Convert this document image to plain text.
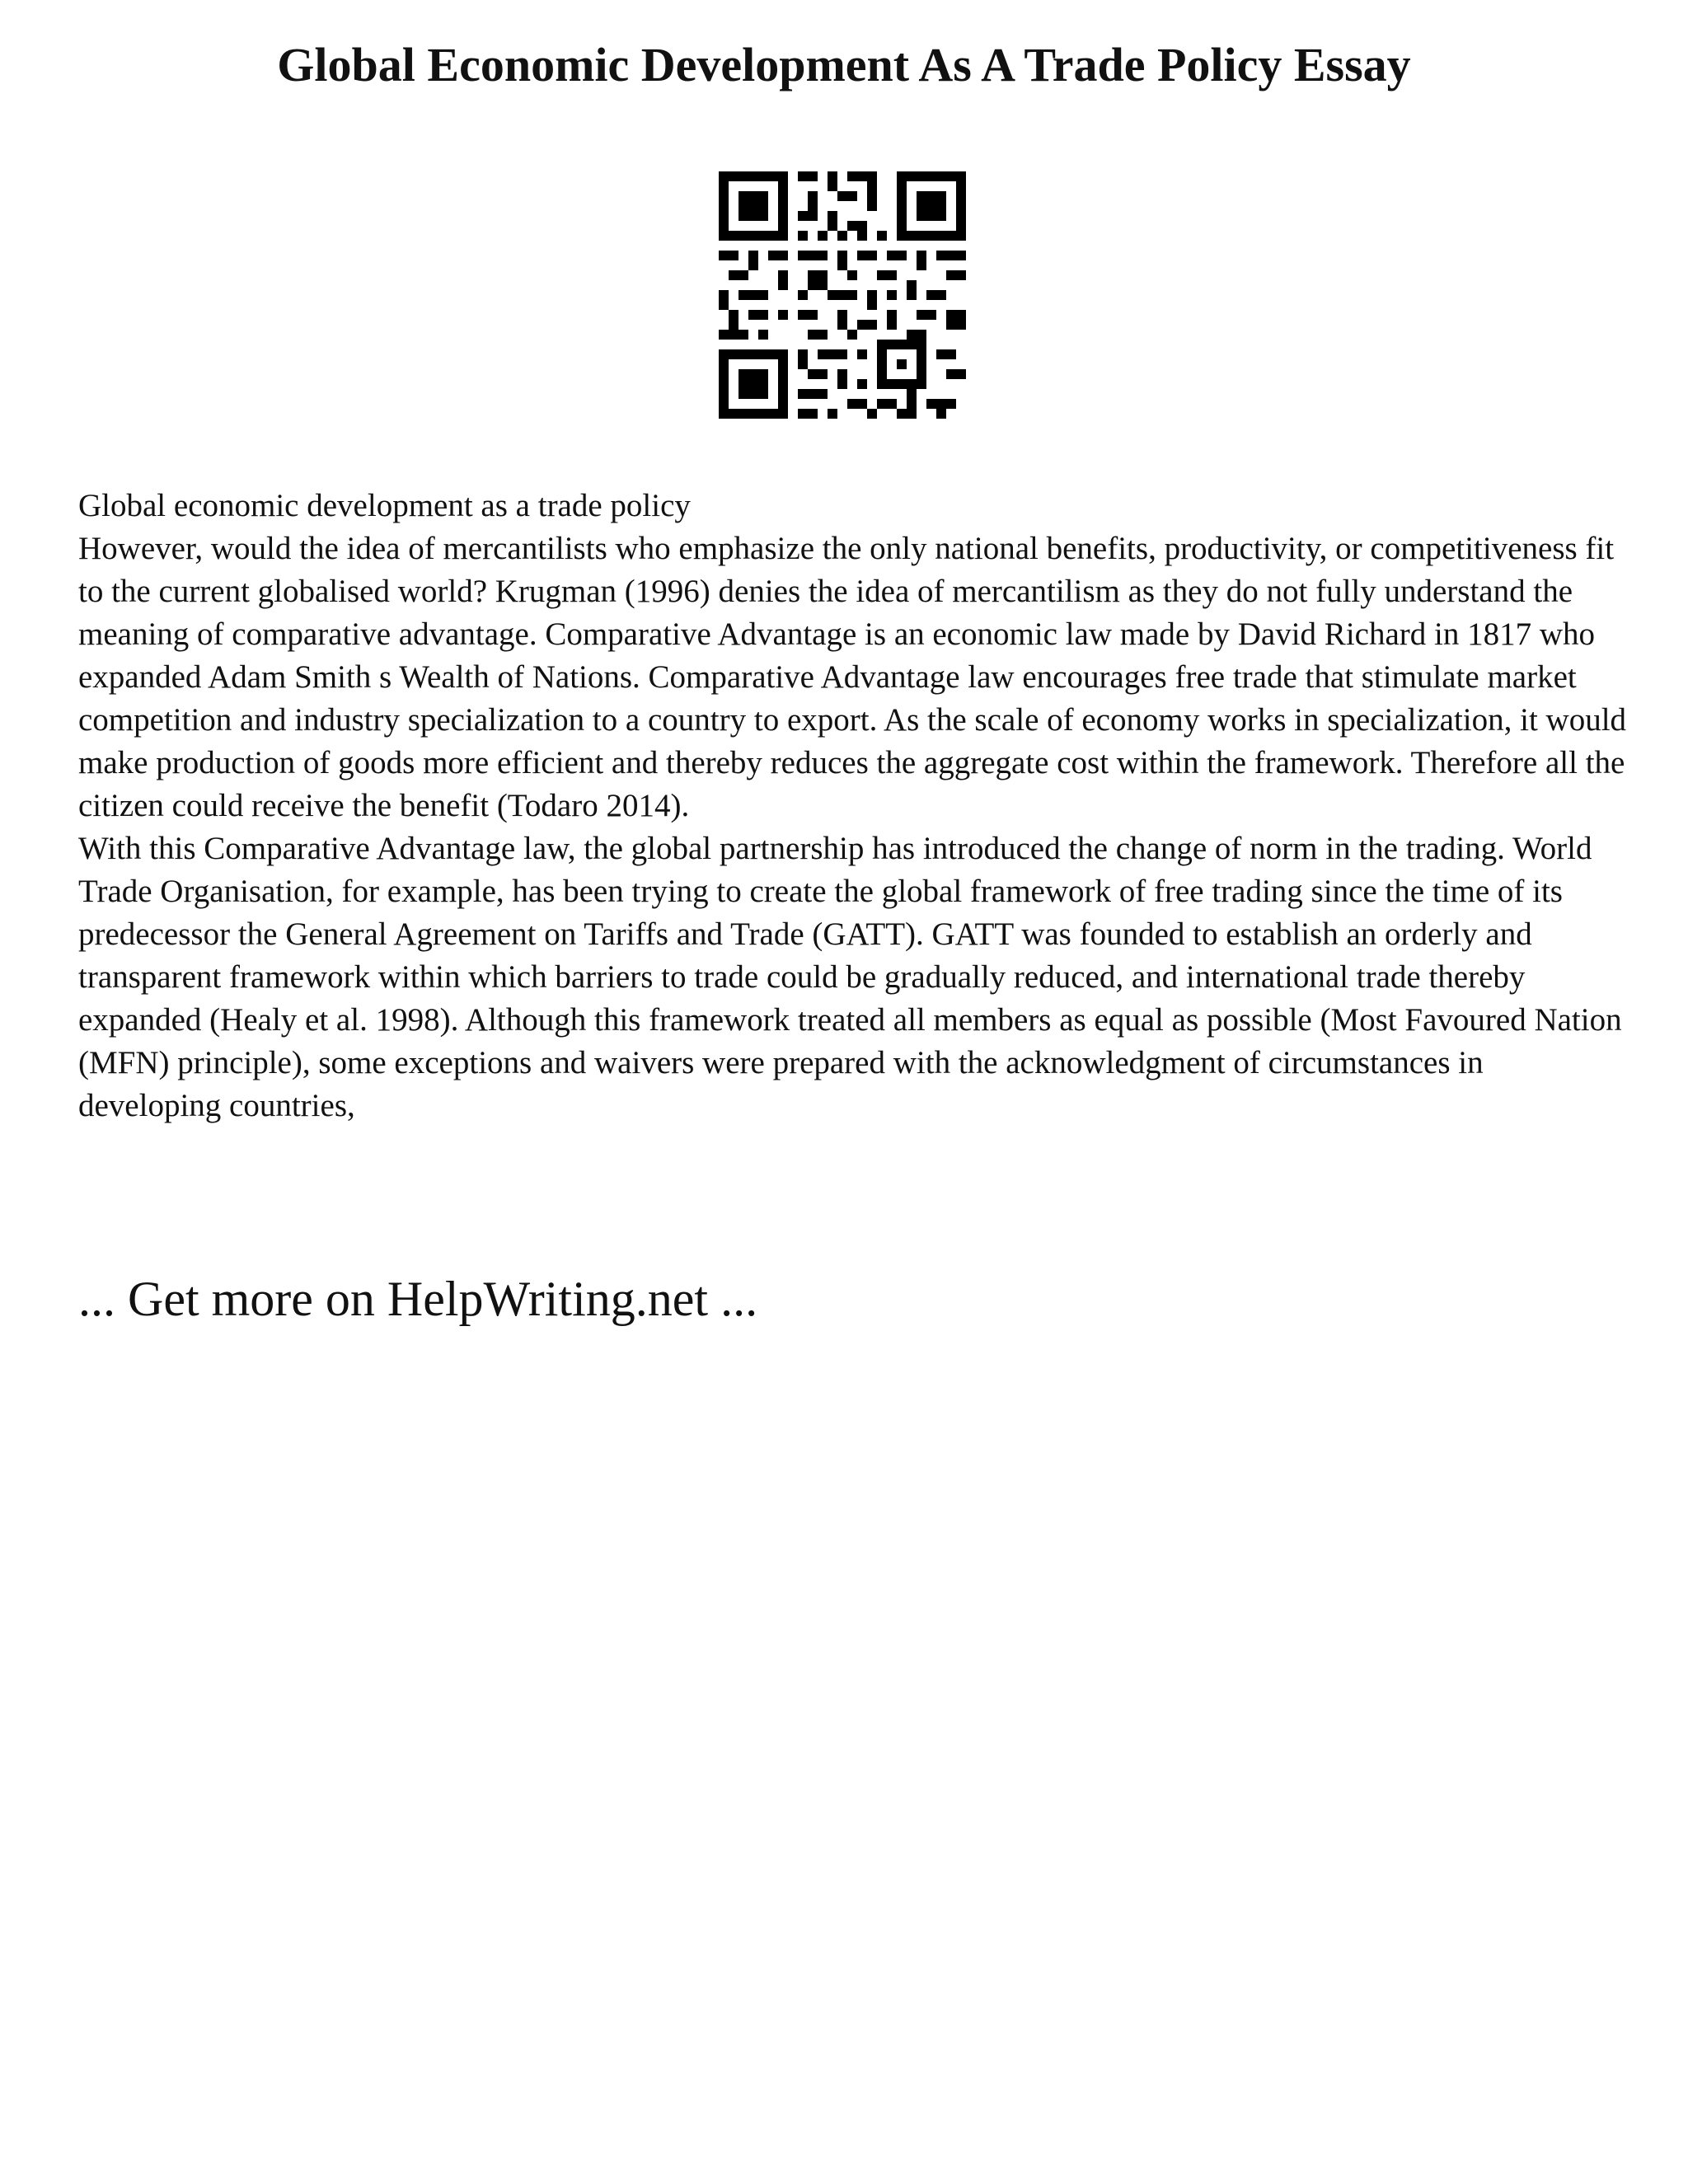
Global Economic Development As A Trade Policy Essay

Global economic development as a trade policy

However, would the idea of mercantilists who emphasize the only national benefits, productivity, or competitiveness fit to the current globalised world? Krugman (1996) denies the idea of mercantilism as they do not fully understand the meaning of comparative advantage. Comparative Advantage is an economic law made by David Richard in 1817 who expanded Adam Smith s Wealth of Nations. Comparative Advantage law encourages free trade that stimulate market competition and industry specialization to a country to export. As the scale of economy works in specialization, it would make production of goods more efficient and thereby reduces the aggregate cost within the framework. Therefore all the citizen could receive the benefit (Todaro 2014).

With this Comparative Advantage law, the global partnership has introduced the change of norm in the trading. World Trade Organisation, for example, has been trying to create the global framework of free trading since the time of its predecessor the General Agreement on Tariffs and Trade (GATT). GATT was founded to establish an orderly and transparent framework within which barriers to trade could be gradually reduced, and international trade thereby expanded (Healy et al. 1998). Although this framework treated all members as equal as possible (Most Favoured Nation (MFN) principle), some exceptions and waivers were prepared with the acknowledgment of circumstances in developing countries,

... Get more on HelpWriting.net ...
